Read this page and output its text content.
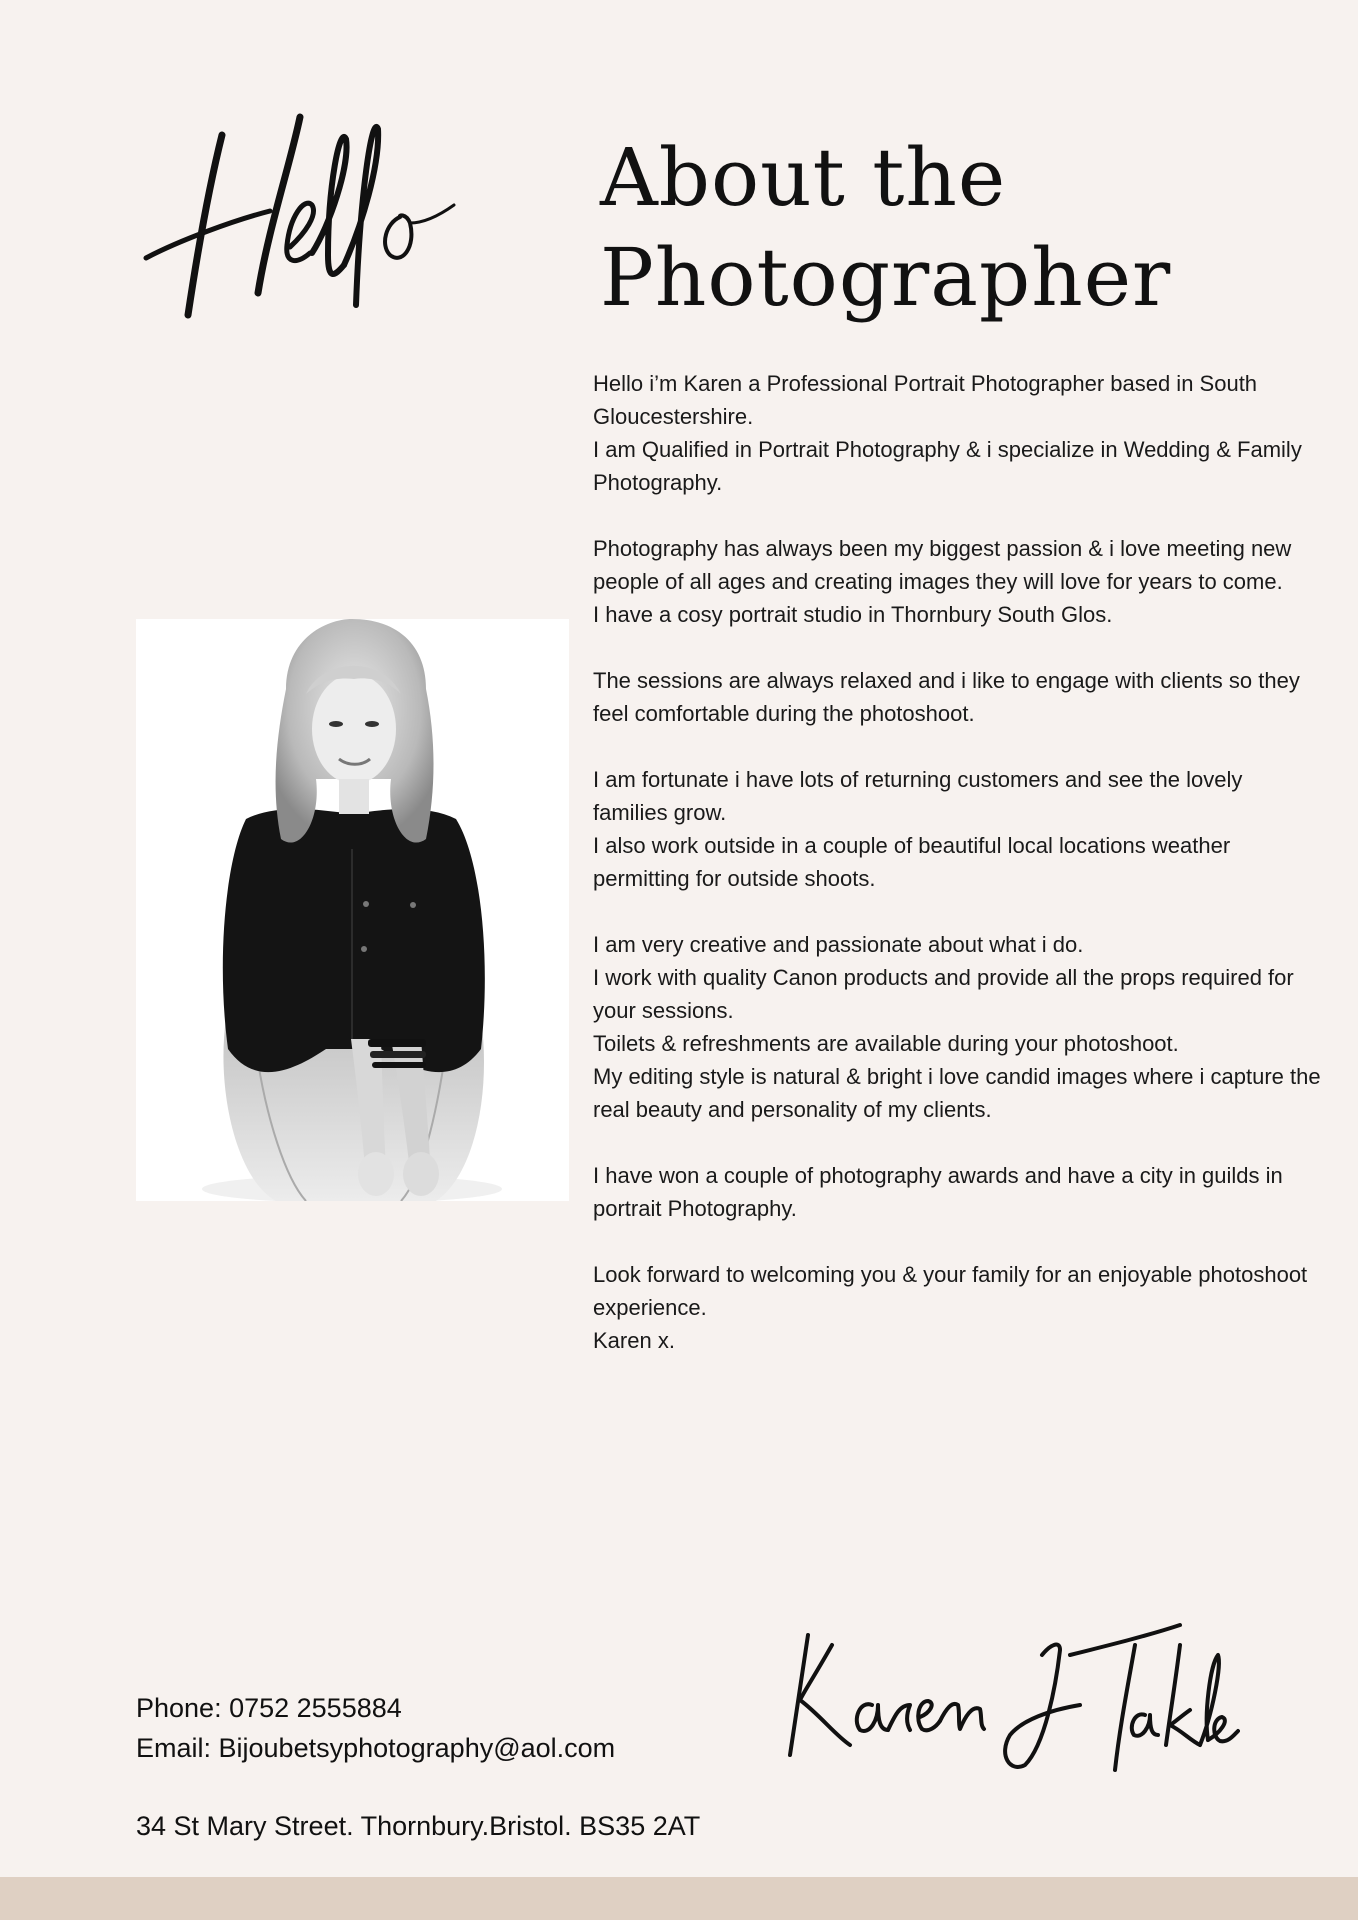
About the
Photographer

Hello i’m Karen a Professional Portrait Photographer based in South Gloucestershire.
I am Qualified in Portrait Photography & i specialize in Wedding & Family Photography.

Photography has always been my biggest passion & i love meeting new people of all ages and creating images they will love for years to come.
I have a cosy portrait studio in Thornbury South Glos.

The sessions are always relaxed and i like to engage with clients so they feel comfortable during the photoshoot.

I am fortunate i have lots of returning customers and see the lovely families grow.
I also work outside in a couple of beautiful local locations weather permitting for outside shoots.

I am very creative and passionate about what i do.
I work with quality Canon products and provide all the props required for your sessions.
Toilets & refreshments are available during your photoshoot.
My editing style is natural & bright i love candid images where i capture the real beauty and personality of my clients.

I have won a couple of photography awards and have a city in guilds in portrait Photography.

Look forward to welcoming you & your family for an enjoyable photoshoot experience.
Karen x.

Phone: 0752 2555884
Email: Bijoubetsyphotography@aol.com
34 St Mary Street. Thornbury.Bristol. BS35 2AT
